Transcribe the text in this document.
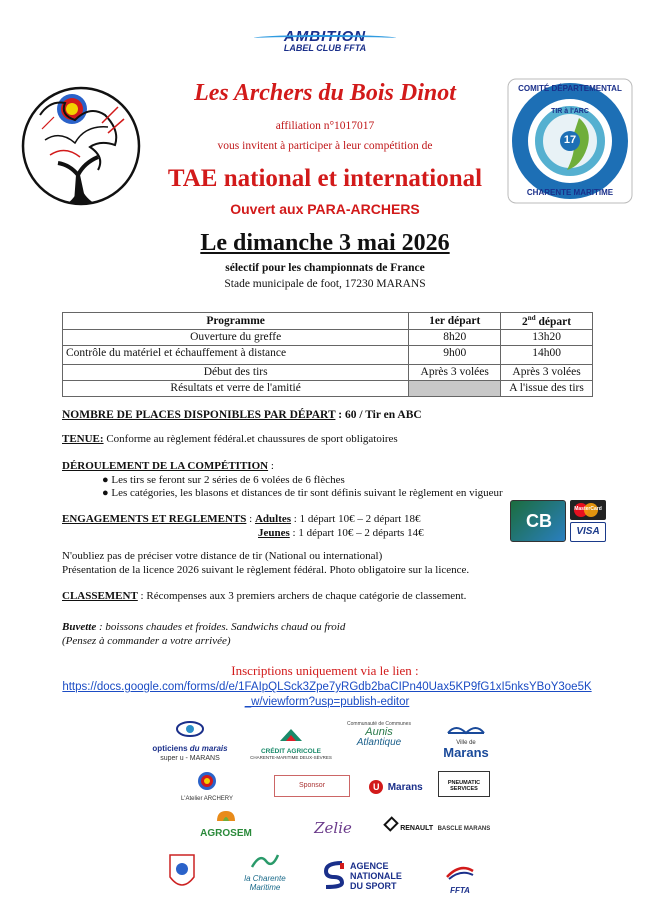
AMBITION
LABEL CLUB FFTA
COMITÉ DÉPARTEMENTAL
TIR à l'ARC
17
CHARENTE MARITIME
Les Archers du Bois Dinot
affiliation n°1017017
vous invitent à participer à leur compétition de
TAE national et international
Ouvert aux PARA-ARCHERS
Le dimanche 3 mai 2026
sélectif pour les championnats de France
Stade municipale de foot, 17230 MARANS
Programme	1er départ	2nd départ
Ouverture du greffe	8h20	13h20
Contrôle du matériel et échauffement à distance	9h00	14h00
Début des tirs	Après 3 volées	Après 3 volées
Résultats et verre de l'amitié		A l'issue des tirs
NOMBRE DE PLACES DISPONIBLES PAR DÉPART : 60 / Tir en ABC
TENUE: Conforme au règlement fédéral.et chaussures de sport obligatoires
DÉROULEMENT DE LA COMPÉTITION :
● Les tirs se feront sur 2 séries de 6 volées de 6 flèches
● Les catégories, les blasons et distances de tir sont définis suivant le règlement en vigueur
ENGAGEMENTS ET REGLEMENTS : Adultes : 1 départ 10€ – 2 départ 18€
Jeunes : 1 départ 10€ – 2 départs 14€
CB
MasterCard
VISA
N'oubliez pas de préciser votre distance de tir (National ou international)
Présentation de la licence 2026 suivant le règlement fédéral. Photo obligatoire sur la licence.
CLASSEMENT : Récompenses aux 3 premiers archers de chaque catégorie de classement.
Buvette : boissons chaudes et froides. Sandwichs chaud ou froid
(Pensez à commander a votre arrivée)
Inscriptions uniquement via le lien :
https://docs.google.com/forms/d/e/1FAIpQLSck3Zpe7yRGdb2baCIPn40Uax5KP9fG1xI5nksYBoY3oe5K_w/viewform?usp=publish-editor
opticiens du marais
super u - MARANS
CRÉDIT AGRICOLE
CHARENTE-MARITIME DEUX-SÈVRES
Communauté de Communes
Aunis
Atlantique	Ville de
Marans
L'Atelier ARCHERY
Sponsor	U Marans	PNEUMATIC SERVICES
AGROSEM	Zelie	RENAULT BASCLE MARANS
la Charente
Maritime
AGENCE
NATIONALE
DU SPORT	FFTA
